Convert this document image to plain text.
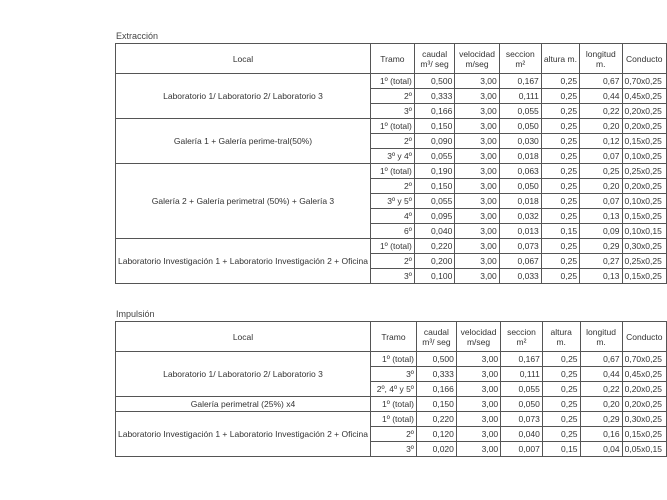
Extracción
Local	Tramo	caudal m³/ seg	velocidad m/seg	seccion m²	altura m.	longitud m.	Conducto
Laboratorio 1/ Laboratorio 2/ Laboratorio 3	1º (total)	0,500	3,00	0,167	0,25	0,67	0,70x0,25
	2º	0,333	3,00	0,111	0,25	0,44	0,45x0,25
	3º	0,166	3,00	0,055	0,25	0,22	0,20x0,25
Galería 1 + Galería perime-tral(50%)	1º (total)	0,150	3,00	0,050	0,25	0,20	0,20x0,25
	2º	0,090	3,00	0,030	0,25	0,12	0,15x0,25
	3º y 4º	0,055	3,00	0,018	0,25	0,07	0,10x0,25
Galería 2 + Galería perimetral (50%) + Galería 3	1º (total)	0,190	3,00	0,063	0,25	0,25	0,25x0,25
	2º	0,150	3,00	0,050	0,25	0,20	0,20x0,25
	3º y 5º	0,055	3,00	0,018	0,25	0,07	0,10x0,25
	4º	0,095	3,00	0,032	0,25	0,13	0,15x0,25
	6º	0,040	3,00	0,013	0,15	0,09	0,10x0,15
Laboratorio Investigación 1 + Laboratorio Investigación 2 + Oficina	1º (total)	0,220	3,00	0,073	0,25	0,29	0,30x0,25
	2º	0,200	3,00	0,067	0,25	0,27	0,25x0,25
	3º	0,100	3,00	0,033	0,25	0,13	0,15x0,25
Impulsión
Local	Tramo	caudal m³/ seg	velocidad m/seg	seccion m²	altura m.	longitud m.	Conducto
Laboratorio 1/ Laboratorio 2/ Laboratorio 3	1º (total)	0,500	3,00	0,167	0,25	0,67	0,70x0,25
	3º	0,333	3,00	0,111	0,25	0,44	0,45x0,25
	2º, 4º y 5º	0,166	3,00	0,055	0,25	0,22	0,20x0,25
Galería perimetral (25%) x4	1º (total)	0,150	3,00	0,050	0,25	0,20	0,20x0,25
Laboratorio Investigación 1 + Laboratorio Investigación 2 + Oficina	1º (total)	0,220	3,00	0,073	0,25	0,29	0,30x0,25
	2º	0,120	3,00	0,040	0,25	0,16	0,15x0,25
	3º	0,020	3,00	0,007	0,15	0,04	0,05x0,15
